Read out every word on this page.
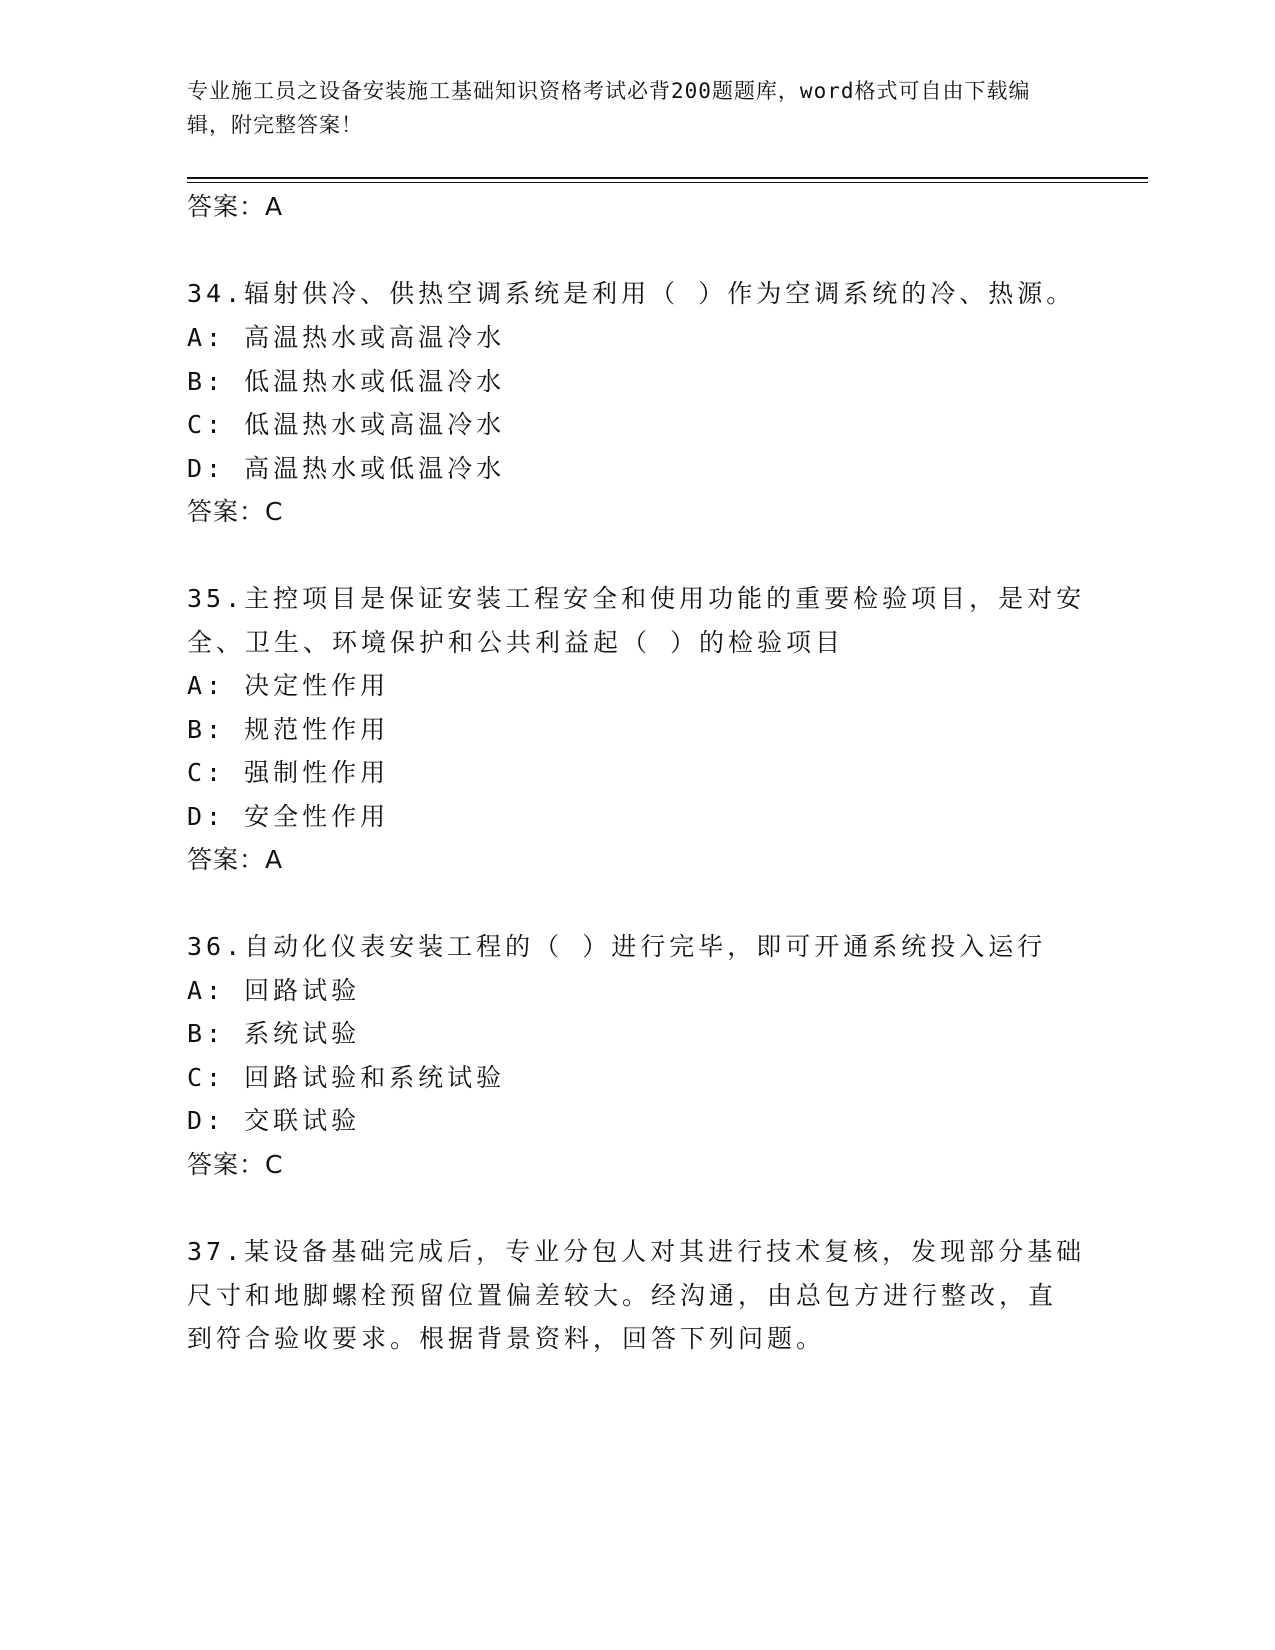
专业施工员之设备安装施工基础知识资格考试必背200题题库，word格式可自由下载编辑，附完整答案！
答案：A
34.辐射供冷、供热空调系统是利用（ ）作为空调系统的冷、热源。
A: 高温热水或高温冷水
B: 低温热水或低温冷水
C: 低温热水或高温冷水
D: 高温热水或低温冷水
答案：C
35.主控项目是保证安装工程安全和使用功能的重要检验项目，是对安
全、卫生、环境保护和公共利益起（ ）的检验项目
A: 决定性作用
B: 规范性作用
C: 强制性作用
D: 安全性作用
答案：A
36.自动化仪表安装工程的（ ）进行完毕，即可开通系统投入运行
A: 回路试验
B: 系统试验
C: 回路试验和系统试验
D: 交联试验
答案：C
37.某设备基础完成后，专业分包人对其进行技术复核，发现部分基础
尺寸和地脚螺栓预留位置偏差较大。经沟通，由总包方进行整改，直
到符合验收要求。根据背景资料，回答下列问题。
